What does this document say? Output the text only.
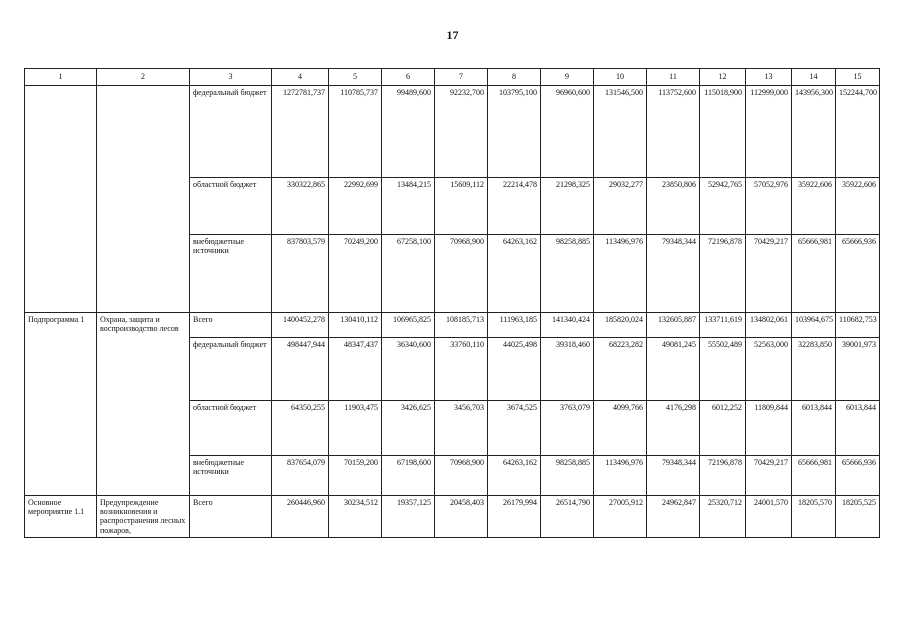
17
1	2	3	4	5	6	7	8	9	10	11	12	13	14	15
		федеральный бюджет	1272781,737	110785,737	99489,600	92232,700	103795,100	96960,600	131546,500	113752,600	115018,900	112999,000	143956,300	152244,700
		областной бюджет	330322,865	22992,699	13484,215	15609,112	22214,478	21298,325	29032,277	23850,806	52942,765	57052,976	35922,606	35922,606
		внебюджетные источники	837803,579	70249,200	67258,100	70968,900	64263,162	98258,885	113496,976	79348,344	72196,878	70429,217	65666,981	65666,936
Подпрограмма 1	Охрана, защита и воспроизводство лесов	Всего	1400452,278	130410,112	106965,825	108185,713	111963,185	141340,424	185820,024	132605,887	133711,619	134802,061	103964,675	110682,753
		федеральный бюджет	498447,944	48347,437	36340,600	33760,110	44025,498	39318,460	68223,282	49081,245	55502,489	52563,000	32283,850	39001,973
		областной бюджет	64350,255	11903,475	3426,625	3456,703	3674,525	3763,079	4099,766	4176,298	6012,252	11809,844	6013,844	6013,844
		внебюджетные источники	837654,079	70159,200	67198,600	70968,900	64263,162	98258,885	113496,976	79348,344	72196,878	70429,217	65666,981	65666,936
Основное мероприятие 1.1	Предупреждение возникновения и распространения лесных пожаров,	Всего	260446,960	30234,512	19357,125	20458,403	26179,994	26514,790	27005,912	24962,847	25320,712	24001,570	18205,570	18205,525
